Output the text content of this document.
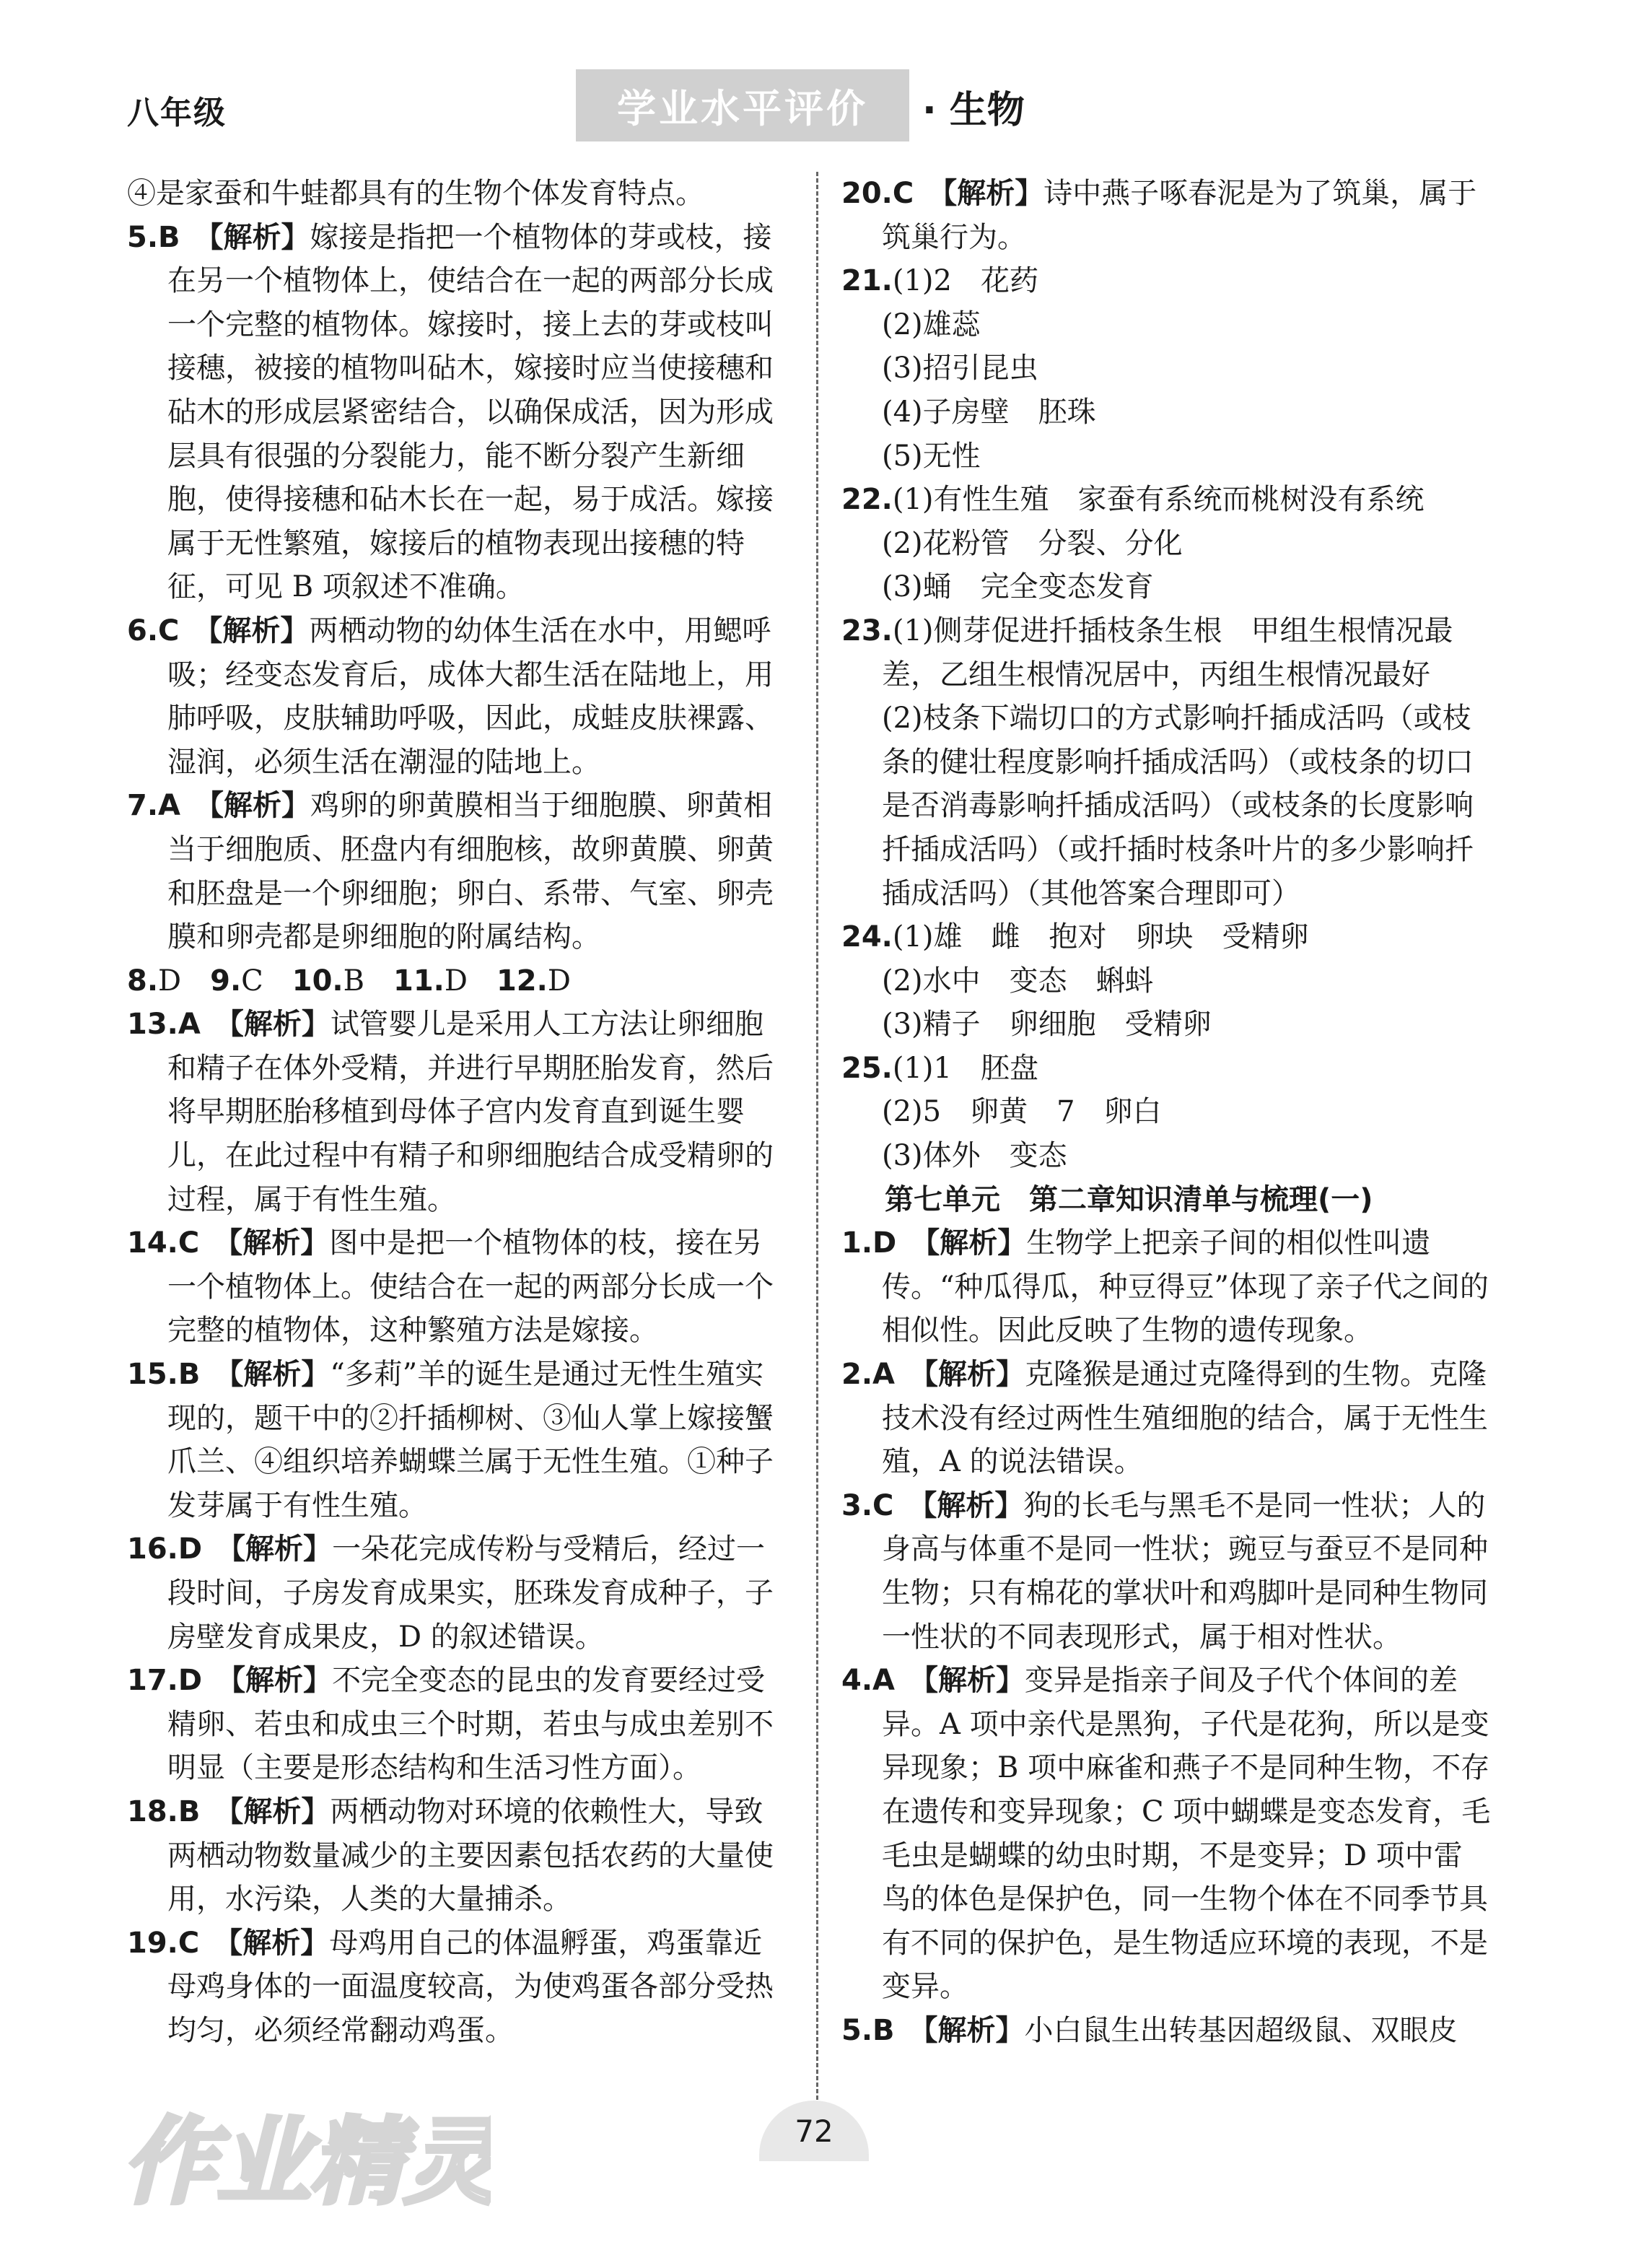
八年级	学业水平评价 · 生物

④是家蚕和牛蛙都具有的生物个体发育特点。

5.B  【解析】嫁接是指把一个植物体的芽或枝，接在另一个植物体上，使结合在一起的两部分长成一个完整的植物体。嫁接时，接上去的芽或枝叫接穗，被接的植物叫砧木，嫁接时应当使接穗和砧木的形成层紧密结合，以确保成活，因为形成层具有很强的分裂能力，能不断分裂产生新细胞，使得接穗和砧木长在一起，易于成活。嫁接属于无性繁殖，嫁接后的植物表现出接穗的特征，可见 B 项叙述不准确。

6.C  【解析】两栖动物的幼体生活在水中，用鳃呼吸；经变态发育后，成体大都生活在陆地上，用肺呼吸，皮肤辅助呼吸，因此，成蛙皮肤裸露、湿润，必须生活在潮湿的陆地上。

7.A  【解析】鸡卵的卵黄膜相当于细胞膜、卵黄相当于细胞质、胚盘内有细胞核，故卵黄膜、卵黄和胚盘是一个卵细胞；卵白、系带、气室、卵壳膜和卵壳都是卵细胞的附属结构。

8.D  9.C  10.B  11.D  12.D 

13.A  【解析】试管婴儿是采用人工方法让卵细胞和精子在体外受精，并进行早期胚胎发育，然后将早期胚胎移植到母体子宫内发育直到诞生婴儿，在此过程中有精子和卵细胞结合成受精卵的过程，属于有性生殖。

14.C  【解析】图中是把一个植物体的枝，接在另一个植物体上。使结合在一起的两部分长成一个完整的植物体，这种繁殖方法是嫁接。

15.B  【解析】“多莉”羊的诞生是通过无性生殖实现的，题干中的②扦插柳树、③仙人掌上嫁接蟹爪兰、④组织培养蝴蝶兰属于无性生殖。①种子发芽属于有性生殖。

16.D  【解析】一朵花完成传粉与受精后，经过一段时间，子房发育成果实，胚珠发育成种子，子房壁发育成果皮，D 的叙述错误。

17.D  【解析】不完全变态的昆虫的发育要经过受精卵、若虫和成虫三个时期，若虫与成虫差别不明显（主要是形态结构和生活习性方面）。

18.B  【解析】两栖动物对环境的依赖性大，导致两栖动物数量减少的主要因素包括农药的大量使用，水污染，人类的大量捕杀。

19.C  【解析】母鸡用自己的体温孵蛋，鸡蛋靠近母鸡身体的一面温度较高，为使鸡蛋各部分受热均匀，必须经常翻动鸡蛋。

20.C  【解析】诗中燕子啄春泥是为了筑巢，属于筑巢行为。

21.(1)2　花药

(2)雄蕊

(3)招引昆虫

(4)子房壁　胚珠

(5)无性

22.(1)有性生殖　家蚕有系统而桃树没有系统

(2)花粉管　分裂、分化

(3)蛹　完全变态发育

23.(1)侧芽促进扦插枝条生根　甲组生根情况最差，乙组生根情况居中，丙组生根情况最好

(2)枝条下端切口的方式影响扦插成活吗（或枝条的健壮程度影响扦插成活吗）（或枝条的切口是否消毒影响扦插成活吗）（或枝条的长度影响扦插成活吗）（或扦插时枝条叶片的多少影响扦插成活吗）（其他答案合理即可）

24.(1)雄　雌　抱对　卵块　受精卵

(2)水中　变态　蝌蚪

(3)精子　卵细胞　受精卵

25.(1)1　胚盘

(2)5　卵黄　7　卵白

(3)体外　变态

第七单元　第二章知识清单与梳理(一)

1.D  【解析】生物学上把亲子间的相似性叫遗传。“种瓜得瓜，种豆得豆”体现了亲子代之间的相似性。因此反映了生物的遗传现象。

2.A  【解析】克隆猴是通过克隆得到的生物。克隆技术没有经过两性生殖细胞的结合，属于无性生殖，A 的说法错误。

3.C  【解析】狗的长毛与黑毛不是同一性状；人的身高与体重不是同一性状；豌豆与蚕豆不是同种生物；只有棉花的掌状叶和鸡脚叶是同种生物同一性状的不同表现形式，属于相对性状。

4.A  【解析】变异是指亲子间及子代个体间的差异。A 项中亲代是黑狗，子代是花狗，所以是变异现象；B 项中麻雀和燕子不是同种生物，不存在遗传和变异现象；C 项中蝴蝶是变态发育，毛毛虫是蝴蝶的幼虫时期，不是变异；D 项中雷鸟的体色是保护色，同一生物个体在不同季节具有不同的保护色，是生物适应环境的表现，不是变异。

5.B  【解析】小白鼠生出转基因超级鼠、双眼皮

作业精灵	72
